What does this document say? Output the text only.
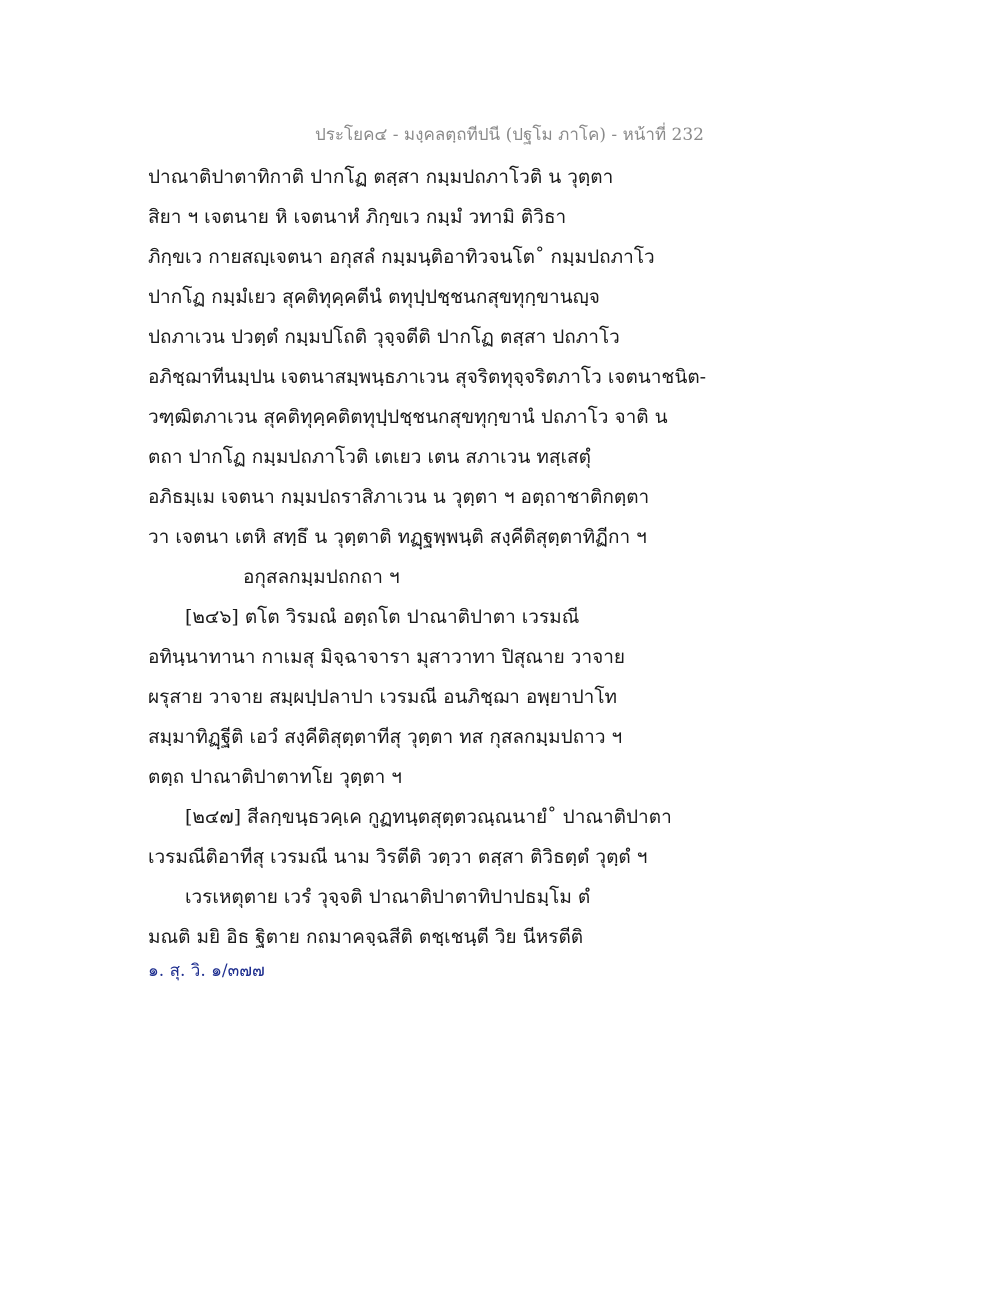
ประโยค๔ - มงฺคลตฺถทีปนี (ปฐโม ภาโค) - หน้าที่ 232
ปาณาติปาตาทิกาติ ปากโฏ ตสฺสา กมฺมปถภาโวติ น วุตฺตา
สิยา ฯ เจตนาย หิ เจตนาหํ ภิกฺขเว กมฺมํ วทามิ ติวิธา
ภิกฺขเว กายสญฺเจตนา อกุสลํ กมฺมนฺติอาทิวจนโต˚ กมฺมปถภาโว
ปากโฏ กมฺมํเยว สุคติทุคฺคตีนํ ตทุปฺปชฺชนกสุขทุกฺขานญฺจ
ปถภาเวน ปวตฺตํ กมฺมปโถติ วุจฺจตีติ ปากโฏ ตสฺสา ปถภาโว
อภิชฺฌาทีนมฺปน เจตนาสมฺพนฺธภาเวน สุจริตทุจฺจริตภาโว เจตนาชนิต-
วฑฺฒิตภาเวน สุคติทุคฺคติตทุปฺปชฺชนกสุขทุกฺขานํ ปถภาโว จาติ น
ตถา ปากโฏ กมฺมปถภาโวติ เตเยว เตน สภาเวน ทสฺเสตุํ
อภิธมฺเม เจตนา กมฺมปถราสิภาเวน น วุตฺตา ฯ อตฺถาชาติกตฺตา
วา เจตนา เตหิ สทฺธึ น วุตฺตาติ ทฏฺฐพฺพนฺติ สงฺคีติสุตฺตาทิฏีกา ฯ
อกุสลกมฺมปถกถา ฯ
[๒๔๖] ตโต วิรมณํ อตฺถโต ปาณาติปาตา เวรมณี
อทินฺนาทานา กาเมสุ มิจฺฉาจารา มุสาวาทา ปิสุณาย วาจาย
ผรุสาย วาจาย สมฺผปฺปลาปา เวรมณี อนภิชฺฌา อพฺยาปาโท
สมฺมาทิฏฺฐีติ เอวํ สงฺคีติสุตฺตาทีสุ วุตฺตา ทส กุสลกมฺมปถาว ฯ
ตตฺถ ปาณาติปาตาทโย วุตฺตา ฯ
[๒๔๗] สีลกฺขนฺธวคฺเค กูฏทนฺตสุตฺตวณฺณนายํ˚ ปาณาติปาตา
เวรมณีติอาทีสุ เวรมณี นาม วิรตีติ วตฺวา ตสฺสา ติวิธตฺตํ วุตฺตํ ฯ
เวรเหตุตาย เวรํ วุจฺจติ ปาณาติปาตาทิปาปธมฺโม ตํ
มณติ มยิ อิธ ฐิตาย กถมาคจฺฉสีติ ตชฺเชนฺตี วิย นีหรตีติ
๑. สุ. วิ. ๑/๓๗๗
